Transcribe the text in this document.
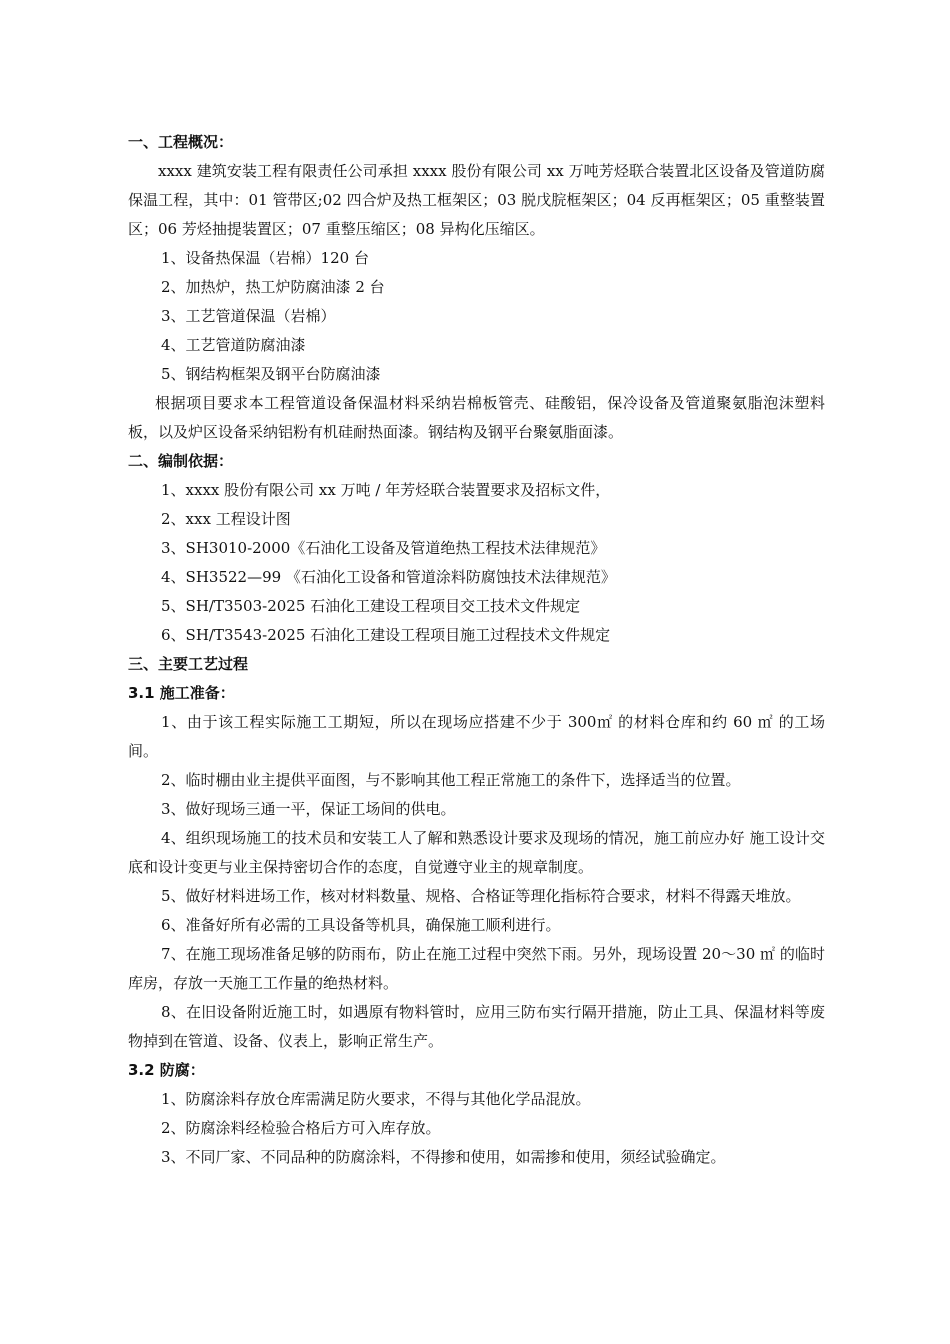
一、工程概况：

xxxx 建筑安装工程有限责任公司承担 xxxx 股份有限公司 xx 万吨芳烃联合装置北区设备及管道防腐保温工程，其中：01 管带区;02 四合炉及热工框架区；03 脱戊脘框架区；04 反再框架区；05 重整装置区；06 芳烃抽提装置区；07 重整压缩区；08 异构化压缩区。

1、设备热保温（岩棉）120 台

2、加热炉，热工炉防腐油漆 2 台

3、工艺管道保温（岩棉）

4、工艺管道防腐油漆

5、钢结构框架及钢平台防腐油漆

根据项目要求本工程管道设备保温材料采纳岩棉板管壳、硅酸铝，保冷设备及管道聚氨脂泡沫塑料板，以及炉区设备采纳铝粉有机硅耐热面漆。钢结构及钢平台聚氨脂面漆。

二、编制依据：

1、xxxx 股份有限公司 xx 万吨 / 年芳烃联合装置要求及招标文件，

2、xxx 工程设计图

3、SH3010-2000《石油化工设备及管道绝热工程技术法律规范》

4、SH3522—99 《石油化工设备和管道涂料防腐蚀技术法律规范》

5、SH/T3503-2025 石油化工建设工程项目交工技术文件规定

6、SH/T3543-2025 石油化工建设工程项目施工过程技术文件规定

三、主要工艺过程

3.1 施工准备：

1、由于该工程实际施工工期短，所以在现场应搭建不少于 300㎡ 的材料仓库和约 60 ㎡ 的工场间。

2、临时棚由业主提供平面图，与不影响其他工程正常施工的条件下，选择适当的位置。

3、做好现场三通一平，保证工场间的供电。

4、组织现场施工的技术员和安装工人了解和熟悉设计要求及现场的情况，施工前应办好 施工设计交底和设计变更与业主保持密切合作的态度，自觉遵守业主的规章制度。

5、做好材料进场工作，核对材料数量、规格、合格证等理化指标符合要求，材料不得露天堆放。

6、准备好所有必需的工具设备等机具，确保施工顺利进行。

7、在施工现场准备足够的防雨布，防止在施工过程中突然下雨。另外，现场设置 20～30 ㎡ 的临时库房，存放一天施工工作量的绝热材料。

8、在旧设备附近施工时，如遇原有物料管时，应用三防布实行隔开措施，防止工具、保温材料等废物掉到在管道、设备、仪表上，影响正常生产。

3.2 防腐：

1、防腐涂料存放仓库需满足防火要求，不得与其他化学品混放。

2、防腐涂料经检验合格后方可入库存放。

3、不同厂家、不同品种的防腐涂料，不得掺和使用，如需掺和使用，须经试验确定。
